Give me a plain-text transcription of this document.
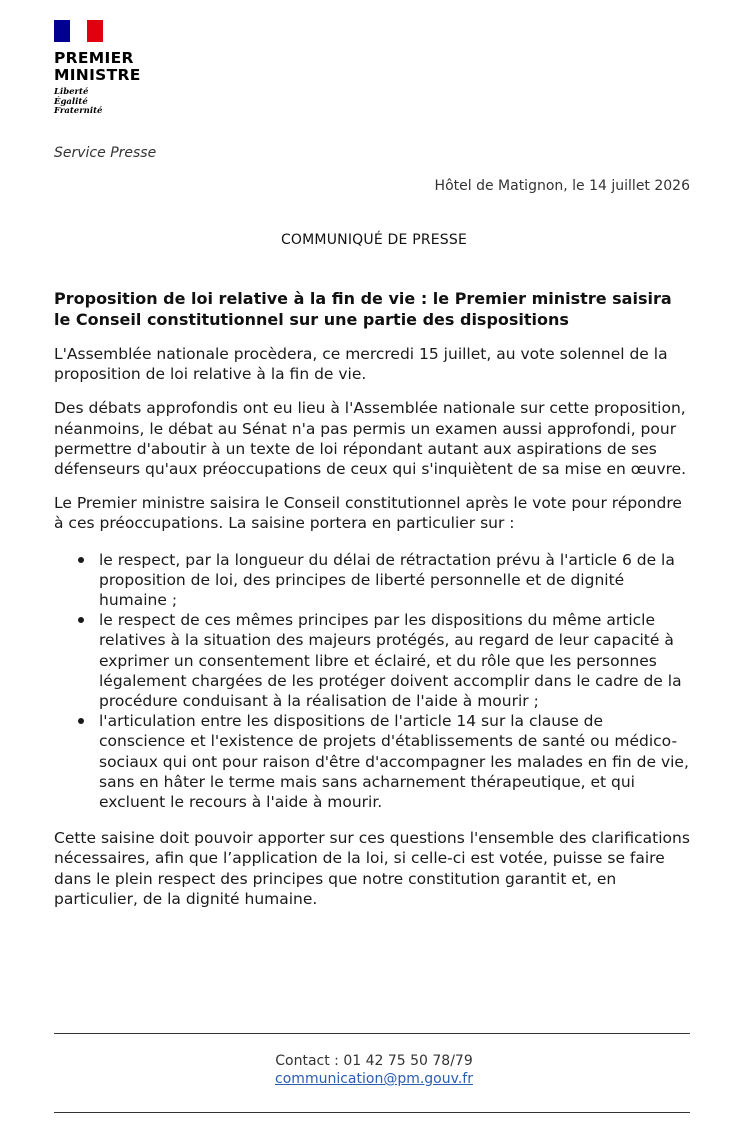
PREMIER
MINISTRE
Liberté
Égalité
Fraternité
Service Presse
Hôtel de Matignon, le 14 juillet 2026
COMMUNIQUÉ DE PRESSE

Proposition de loi relative à la fin de vie : le Premier ministre saisira le Conseil constitutionnel sur une partie des dispositions

L'Assemblée nationale procèdera, ce mercredi 15 juillet, au vote solennel de la proposition de loi relative à la fin de vie.

Des débats approfondis ont eu lieu à l'Assemblée nationale sur cette proposition, néanmoins, le débat au Sénat n'a pas permis un examen aussi approfondi, pour permettre d'aboutir à un texte de loi répondant autant aux aspirations de ses défenseurs qu'aux préoccupations de ceux qui s'inquiètent de sa mise en œuvre.

Le Premier ministre saisira le Conseil constitutionnel après le vote pour répondre à ces préoccupations. La saisine portera en particulier sur :

le respect, par la longueur du délai de rétractation prévu à l'article 6 de la proposition de loi, des principes de liberté personnelle et de dignité humaine ;
le respect de ces mêmes principes par les dispositions du même article relatives à la situation des majeurs protégés, au regard de leur capacité à exprimer un consentement libre et éclairé, et du rôle que les personnes légalement chargées de les protéger doivent accomplir dans le cadre de la procédure conduisant à la réalisation de l'aide à mourir ;
l'articulation entre les dispositions de l'article 14 sur la clause de conscience et l'existence de projets d'établissements de santé ou médico-sociaux qui ont pour raison d'être d'accompagner les malades en fin de vie, sans en hâter le terme mais sans acharnement thérapeutique, et qui excluent le recours à l'aide à mourir.

Cette saisine doit pouvoir apporter sur ces questions l'ensemble des clarifications nécessaires, afin que l’application de la loi, si celle-ci est votée, puisse se faire dans le plein respect des principes que notre constitution garantit et, en particulier, de la dignité humaine.

Contact : 01 42 75 50 78/79
communication@pm.gouv.fr
